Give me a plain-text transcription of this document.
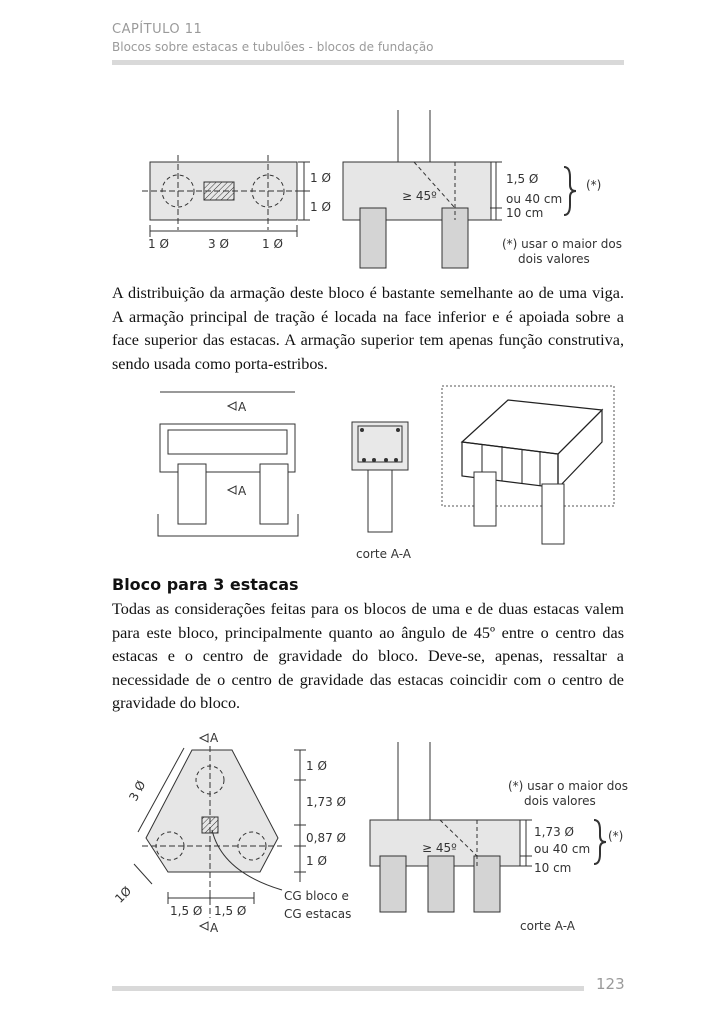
CAPÍTULO 11
Blocos sobre estacas e tubulões - blocos de fundação
1 Ø	3 Ø	1 Ø
1 Ø
1 Ø
≥ 45º
1,5 Ø
ou 40 cm
10 cm
(*)
(*) usar o maior dos
dois valores

A distribuição da armação deste bloco é bastante semelhante ao de uma viga. A armação principal de tração é locada na face inferior e é apoiada sobre a face superior das estacas. A armação superior tem apenas função construtiva, sendo usada como porta-estribos.

A
A
corte A-A
Bloco para 3 estacas

Todas as considerações feitas para os blocos de uma e de duas estacas valem para este bloco, principalmente quanto ao ângulo de 45º entre o centro das estacas e o centro de gravidade do bloco. Deve-se, apenas, ressaltar a necessidade de o centro de gravidade das estacas coincidir com o centro de gravidade do bloco.

A
A
3 Ø
1Ø
1,5 Ø 1,5 Ø
1 Ø
1,73 Ø
0,87 Ø
1 Ø
CG bloco e
CG estacas
≥ 45º
1,73 Ø
ou 40 cm
10 cm
(*)
(*) usar o maior dos
dois valores
corte A-A
123
